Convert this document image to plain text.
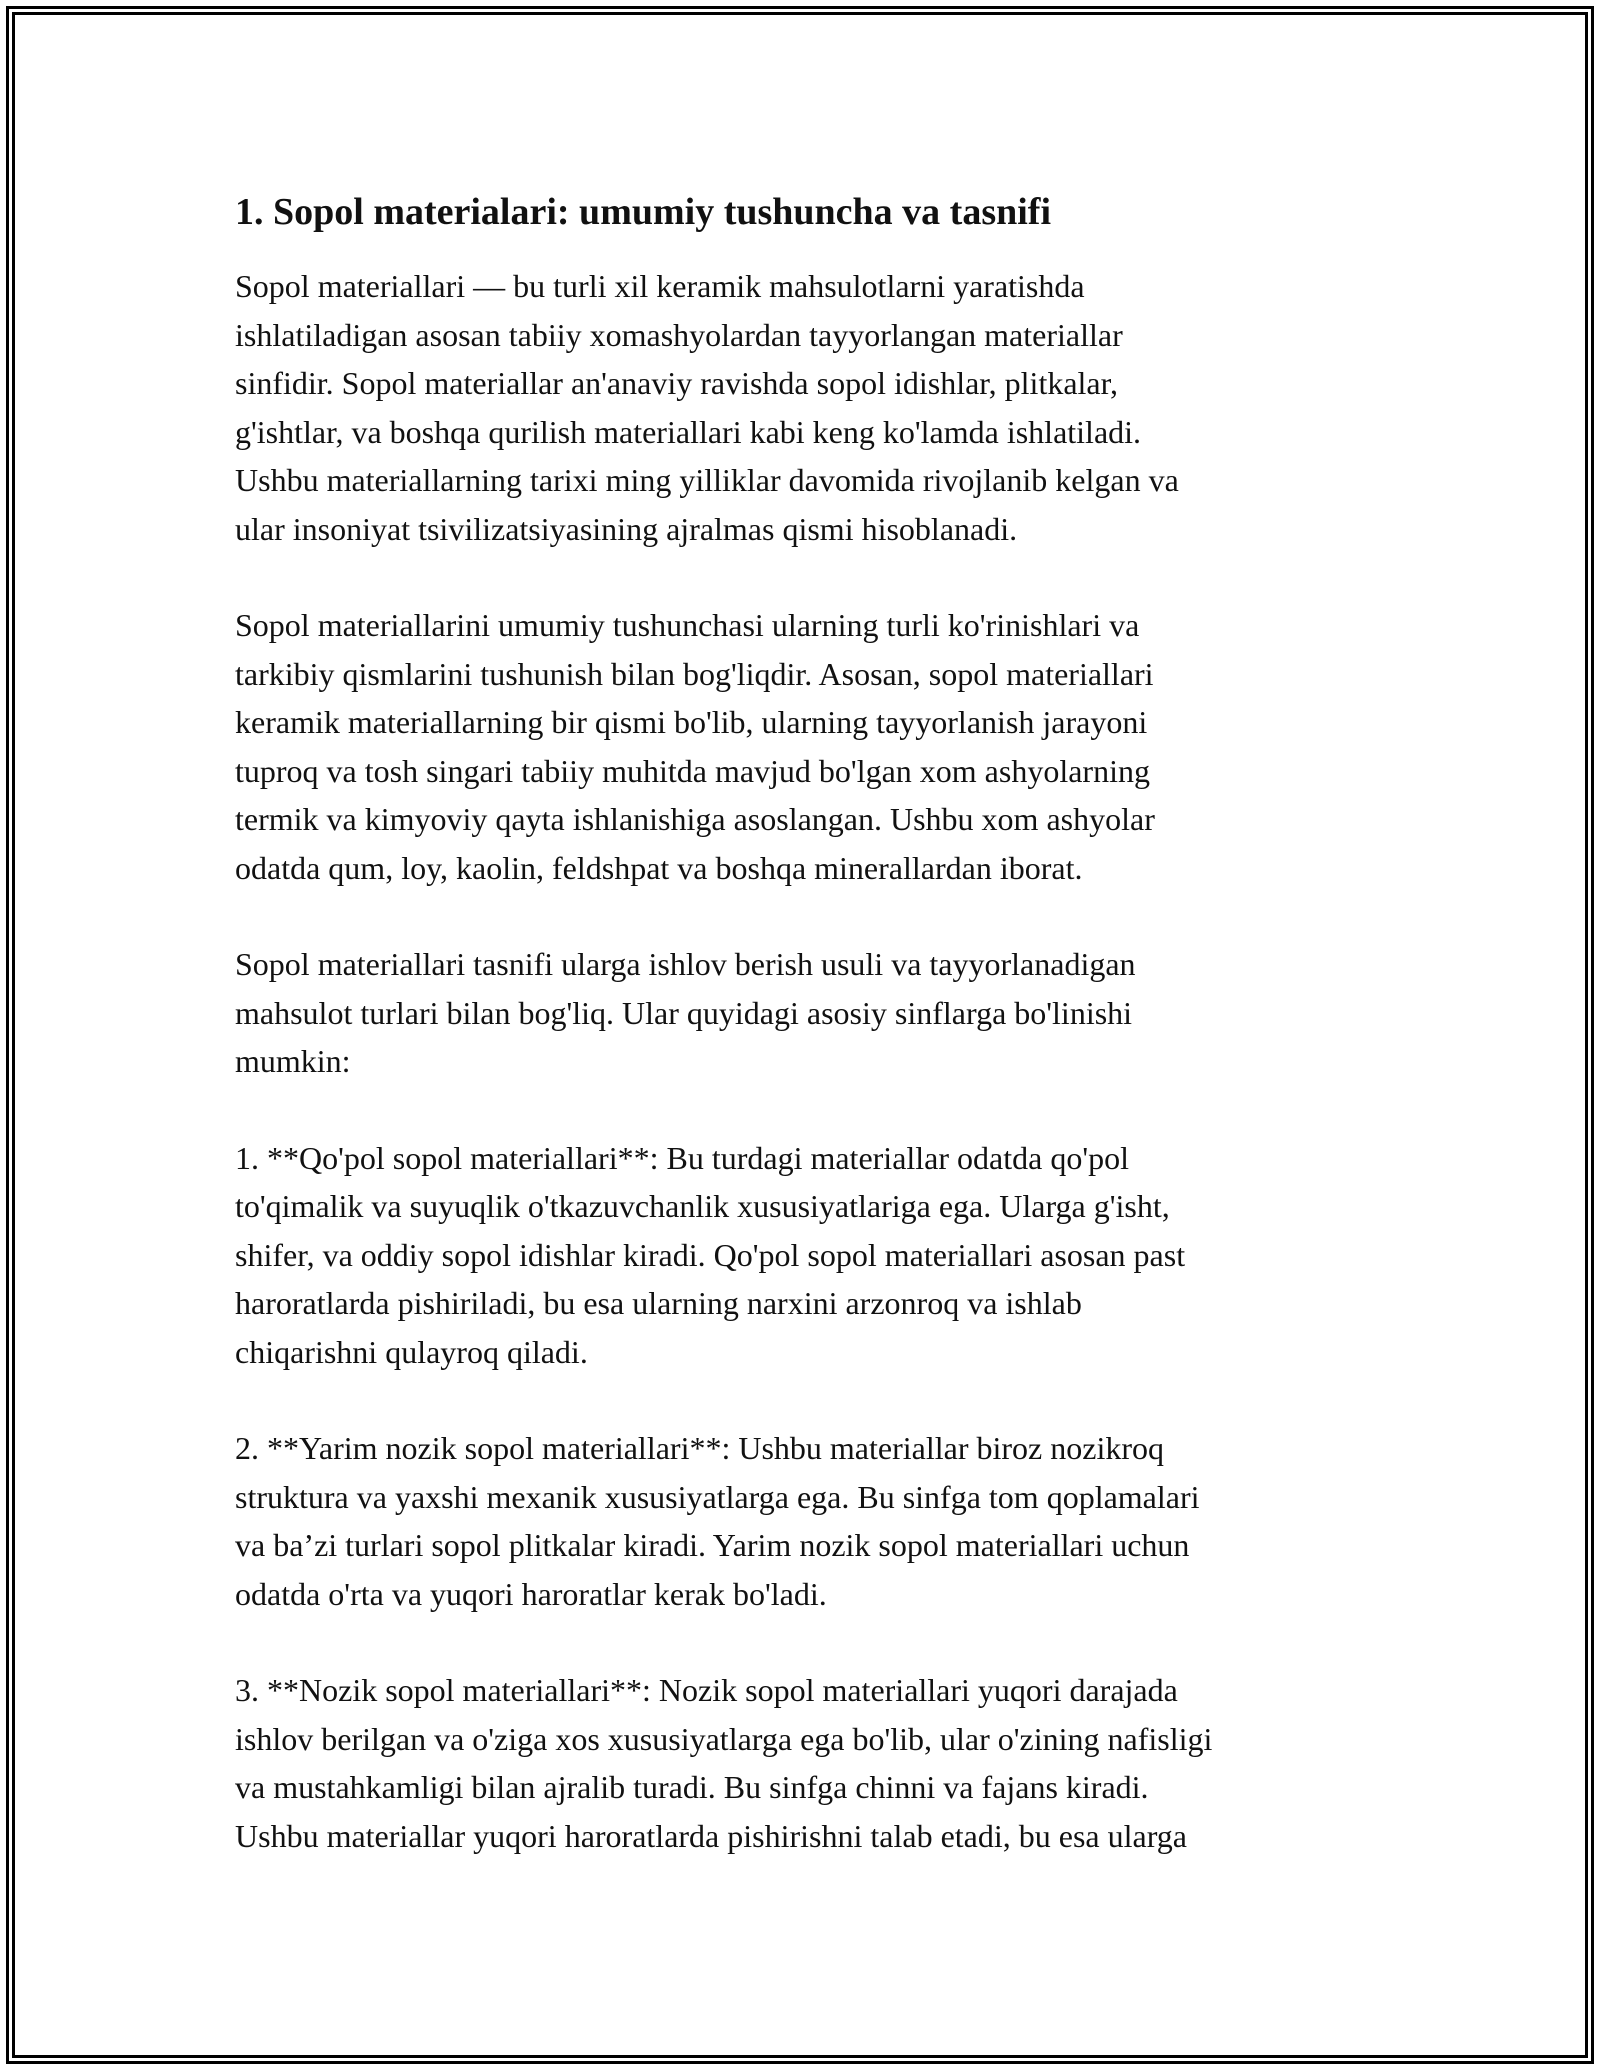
1. Sopol materialari: umumiy tushuncha va tasnifi

Sopol materiallari — bu turli xil keramik mahsulotlarni yaratishda
ishlatiladigan asosan tabiiy xomashyolardan tayyorlangan materiallar
sinfidir. Sopol materiallar an'anaviy ravishda sopol idishlar, plitkalar,
g'ishtlar, va boshqa qurilish materiallari kabi keng ko'lamda ishlatiladi.
Ushbu materiallarning tarixi ming yilliklar davomida rivojlanib kelgan va
ular insoniyat tsivilizatsiyasining ajralmas qismi hisoblanadi.

Sopol materiallarini umumiy tushunchasi ularning turli ko'rinishlari va
tarkibiy qismlarini tushunish bilan bog'liqdir. Asosan, sopol materiallari
keramik materiallarning bir qismi bo'lib, ularning tayyorlanish jarayoni
tuproq va tosh singari tabiiy muhitda mavjud bo'lgan xom ashyolarning
termik va kimyoviy qayta ishlanishiga asoslangan. Ushbu xom ashyolar
odatda qum, loy, kaolin, feldshpat va boshqa minerallardan iborat.

Sopol materiallari tasnifi ularga ishlov berish usuli va tayyorlanadigan
mahsulot turlari bilan bog'liq. Ular quyidagi asosiy sinflarga bo'linishi
mumkin:

1. **Qo'pol sopol materiallari**: Bu turdagi materiallar odatda qo'pol
to'qimalik va suyuqlik o'tkazuvchanlik xususiyatlariga ega. Ularga g'isht,
shifer, va oddiy sopol idishlar kiradi. Qo'pol sopol materiallari asosan past
haroratlarda pishiriladi, bu esa ularning narxini arzonroq va ishlab
chiqarishni qulayroq qiladi.

2. **Yarim nozik sopol materiallari**: Ushbu materiallar biroz nozikroq
struktura va yaxshi mexanik xususiyatlarga ega. Bu sinfga tom qoplamalari
va ba’zi turlari sopol plitkalar kiradi. Yarim nozik sopol materiallari uchun
odatda o'rta va yuqori haroratlar kerak bo'ladi.

3. **Nozik sopol materiallari**: Nozik sopol materiallari yuqori darajada
ishlov berilgan va o'ziga xos xususiyatlarga ega bo'lib, ular o'zining nafisligi
va mustahkamligi bilan ajralib turadi. Bu sinfga chinni va fajans kiradi.
Ushbu materiallar yuqori haroratlarda pishirishni talab etadi, bu esa ularga
